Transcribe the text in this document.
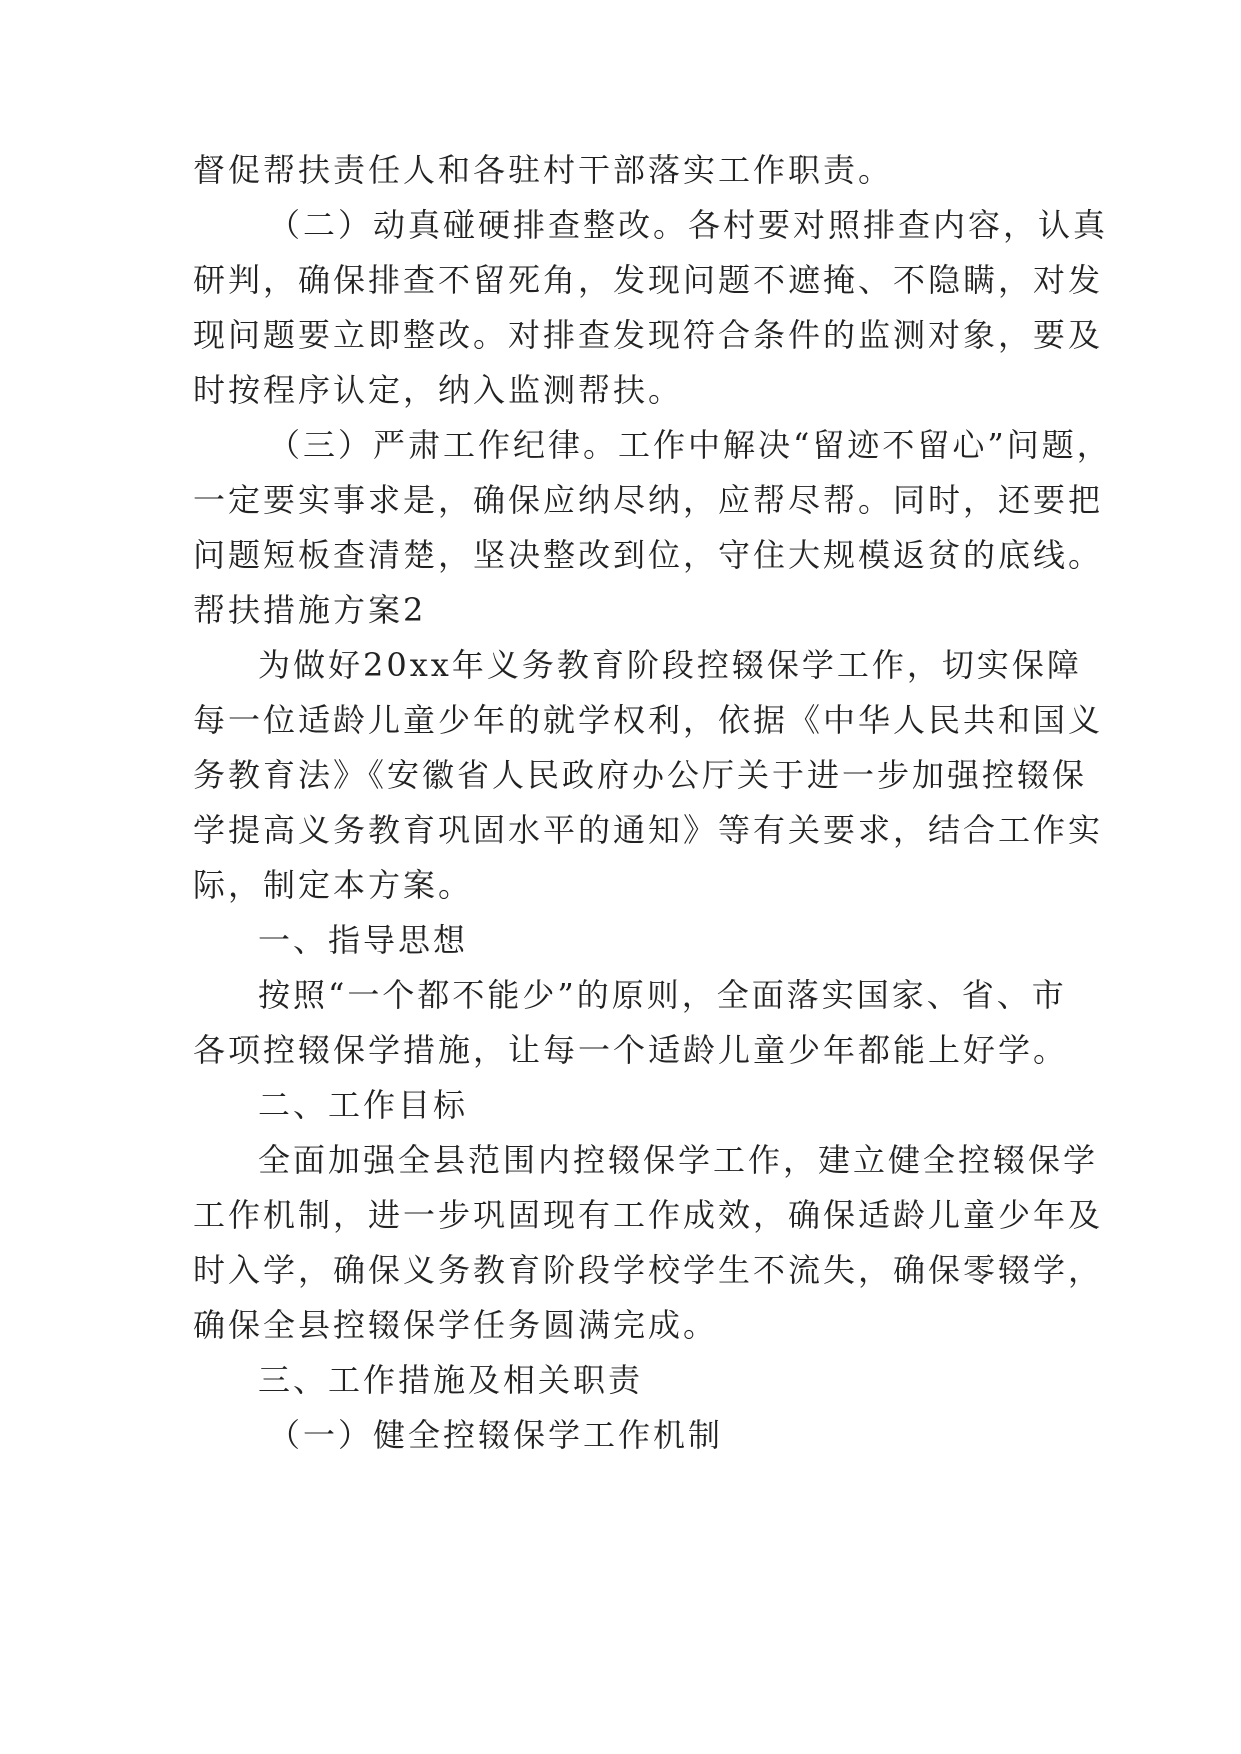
督促帮扶责任人和各驻村干部落实工作职责。
（二）动真碰硬排查整改。各村要对照排查内容，认真
研判，确保排查不留死角，发现问题不遮掩、不隐瞒，对发
现问题要立即整改。对排查发现符合条件的监测对象，要及
时按程序认定，纳入监测帮扶。
（三）严肃工作纪律。工作中解决“留迹不留心”问题，
一定要实事求是，确保应纳尽纳，应帮尽帮。同时，还要把
问题短板查清楚，坚决整改到位，守住大规模返贫的底线。
帮扶措施方案2
为做好20xx年义务教育阶段控辍保学工作，切实保障
每一位适龄儿童少年的就学权利，依据《中华人民共和国义
务教育法》《安徽省人民政府办公厅关于进一步加强控辍保
学提高义务教育巩固水平的通知》等有关要求，结合工作实
际，制定本方案。
一、指导思想
按照“一个都不能少”的原则，全面落实国家、省、市
各项控辍保学措施，让每一个适龄儿童少年都能上好学。
二、工作目标
全面加强全县范围内控辍保学工作，建立健全控辍保学
工作机制，进一步巩固现有工作成效，确保适龄儿童少年及
时入学，确保义务教育阶段学校学生不流失，确保零辍学，
确保全县控辍保学任务圆满完成。
三、工作措施及相关职责
（一）健全控辍保学工作机制
